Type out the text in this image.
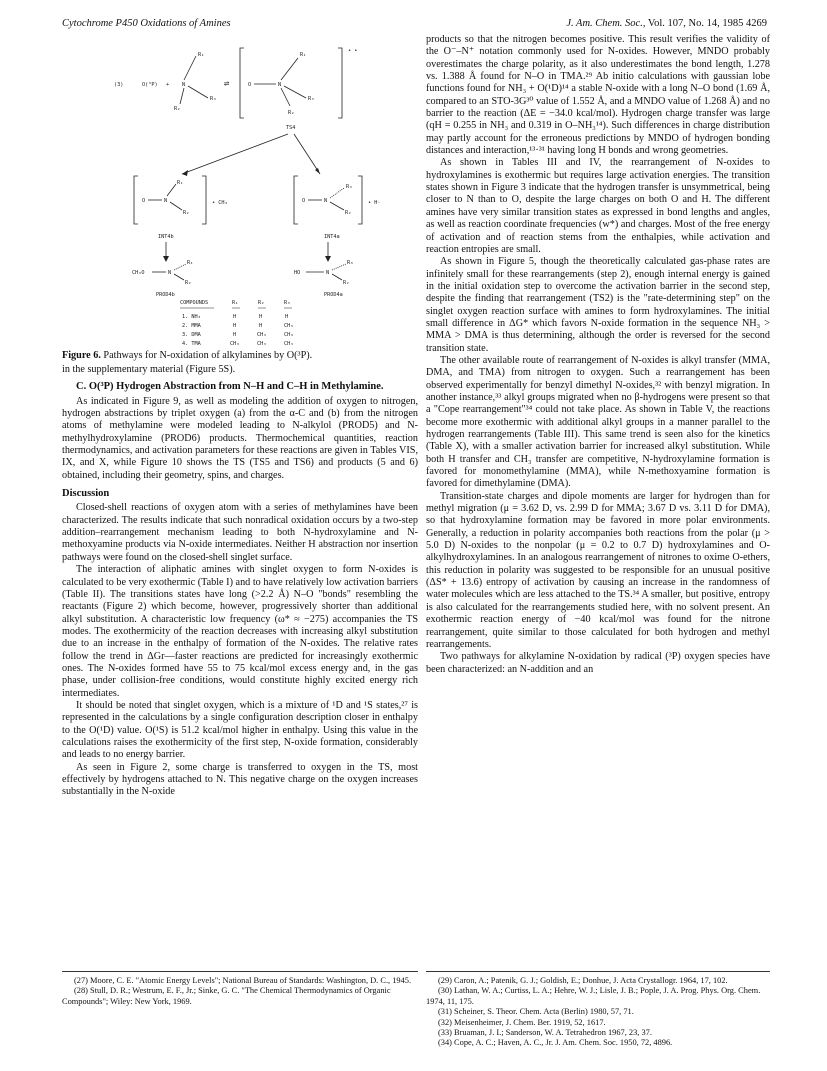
Cytochrome P450 Oxidations of Amines	J. Am. Chem. Soc., Vol. 107, No. 14, 1985 4269
(3)	O(³P) + N
R₁
R₃
R₂
⇌
• •
O	N
R₁
R₃
R₂
TS4
O	N
R₁
R₂
• CH₃
INT4b
O	N
R₃
R₂
• H·
INT4a
CH₃O	N
R₁
R₂
PROD4b
HO	N
R₃
R₂
PROD4a
COMPOUNDS	R₁	R₂	R₃
1. NH₃	H	H	H
2. MMA	H	H	CH₃
3. DMA	H	CH₃	CH₃
4. TMA	CH₃	CH₃	CH₃
Figure 6. Pathways for N-oxidation of alkylamines by O(³P).

in the supplementary material (Figure 5S).

C. O(³P) Hydrogen Abstraction from N–H and C–H in Methylamine.

As indicated in Figure 9, as well as modeling the addition of oxygen to nitrogen, hydrogen abstractions by triplet oxygen (a) from the α-C and (b) from the nitrogen atoms of methylamine were modeled leading to N-alkylol (PROD5) and N-methylhydroxylamine (PROD6) products. Thermochemical quantities, reaction thermodynamics, and activation parameters for these reactions are given in Tables VIS, IX, and X, while Figure 10 shows the TS (TS5 and TS6) and products (5 and 6) obtained, including their geometry, spins, and charges.

Discussion

Closed-shell reactions of oxygen atom with a series of methylamines have been characterized. The results indicate that such nonradical oxidation occurs by a two-step addition–rearrangement mechanism leading to both N-hydroxylamine and N-methoxyamine products via N-oxide intermediates. Neither H abstraction nor insertion pathways were found on the closed-shell singlet surface.

The interaction of aliphatic amines with singlet oxygen to form N-oxides is calculated to be very exothermic (Table I) and to have relatively low activation barriers (Table II). The transitions states have long (>2.2 Å) N–O "bonds" resembling the reactants (Figure 2) which become, however, progressively shorter than additional alkyl substitution. A characteristic low frequency (ω* ≈ −275) accompanies the TS modes. The exothermicity of the reaction decreases with increasing alkyl substitution due to an increase in the enthalpy of formation of the N-oxides. The relative rates follow the trend in ΔGr—faster reactions are predicted for increasingly exothermic ones. The N-oxides formed have 55 to 75 kcal/mol excess energy and, in the gas phase, under collision-free conditions, would constitute highly excited energy rich intermediates.

It should be noted that singlet oxygen, which is a mixture of ¹D and ¹S states,²⁷ is represented in the calculations by a single configuration description closer in enthalpy to the O(¹D) value. O(¹S) is 51.2 kcal/mol higher in enthalpy. Using this value in the calculations raises the exothermicity of the first step, N-oxide formation, considerably and leads to no energy barrier.

As seen in Figure 2, some charge is transferred to oxygen in the TS, most effectively by hydrogens attached to N. This negative charge on the oxygen increases substantially in the N-oxide

products so that the nitrogen becomes positive. This result verifies the validity of the O⁻–N⁺ notation commonly used for N-oxides. However, MNDO probably overestimates the charge polarity, as it also underestimates the bond length, 1.278 vs. 1.388 Å found for N–O in TMA.²⁹ Ab initio calculations with gaussian lobe functions found for NH₃ + O(¹D)¹⁴ a stable N-oxide with a long N–O bond (1.69 Å, compared to an STO-3G³⁰ value of 1.552 Å, and a MNDO value of 1.268 Å) and no barrier to the reaction (ΔE = −34.0 kcal/mol). Hydrogen charge transfer was large (qH = 0.255 in NH₃ and 0.319 in O–NH₃¹⁴). Such differences in charge distribution may partly account for the erroneous predictions by MNDO of hydrogen bonding distances and interaction,¹³·³¹ having long H bonds and wrong geometries.

As shown in Tables III and IV, the rearrangement of N-oxides to hydroxylamines is exothermic but requires large activation energies. The transition states shown in Figure 3 indicate that the hydrogen transfer is unsymmetrical, being closer to N than to O, despite the large charges on both O and H. The different amines have very similar transition states as expressed in bond lengths and angles, as well as reaction coordinate frequencies (w*) and charges. Most of the free energy of activation and of reaction stems from the enthalpies, while activation and reaction entropies are small.

As shown in Figure 5, though the theoretically calculated gas-phase rates are infinitely small for these rearrangements (step 2), enough internal energy is gained in the initial oxidation step to overcome the activation barrier in the second step, despite the finding that rearrangement (TS2) is the "rate-determining step" on the singlet oxygen reaction surface with amines to form hydroxylamines. The initial small difference in ΔG* which favors N-oxide formation in the sequence NH₃ > MMA > DMA is thus determining, although the order is reversed for the second transition state.

The other available route of rearrangement of N-oxides is alkyl transfer (MMA, DMA, and TMA) from nitrogen to oxygen. Such a rearrangement has been observed experimentally for benzyl dimethyl N-oxides,³² with benzyl migration. In another instance,³³ alkyl groups migrated when no β-hydrogens were present so that a "Cope rearrangement"³⁴ could not take place. As shown in Table V, the reactions become more exothermic with additional alkyl groups in a manner parallel to the hydrogen rearrangements (Table III). This same trend is seen also for the kinetics (Table X), with a smaller activation barrier for increased alkyl substitution. While both H transfer and CH₃ transfer are competitive, N-hydroxylamine formation is favored for monomethylamine (MMA), while N-methoxyamine formation is favored for dimethylamine (DMA).

Transition-state charges and dipole moments are larger for hydrogen than for methyl migration (μ = 3.62 D, vs. 2.99 D for MMA; 3.67 D vs. 3.11 D for DMA), so that hydroxylamine formation may be favored in more polar environments. Generally, a reduction in polarity accompanies both reactions from the polar (μ > 5.0 D) N-oxides to the nonpolar (μ = 0.2 to 0.7 D) hydroxylamines and O-alkylhydroxylamines. In an analogous rearrangement of nitrones to oxime O-ethers, this reduction in polarity was suggested to be responsible for an unusual positive (ΔS* + 13.6) entropy of activation by causing an increase in the randomness of water molecules which are less attached to the TS.³⁴ A smaller, but positive, entropy is also calculated for the rearrangements studied here, with no solvent present. An exothermic reaction energy of −40 kcal/mol was found for the nitrone rearrangement, quite similar to those calculated for both hydrogen and methyl rearrangements.

Two pathways for alkylamine N-oxidation by radical (³P) oxygen species have been characterized: an N-addition and an

(27) Moore, C. E. "Atomic Energy Levels"; National Bureau of Standards: Washington, D. C., 1945.
(28) Stull, D. R.; Westrum, E. F., Jr.; Sinke, G. C. "The Chemical Thermodynamics of Organic Compounds"; Wiley: New York, 1969.
(29) Caron, A.; Patenik, G. J.; Goldish, E.; Donhue, J. Acta Crystallogr. 1964, 17, 102.
(30) Lathan, W. A.; Curtiss, L. A.; Hehre, W. J.; Lisle, J. B.; Pople, J. A. Prog. Phys. Org. Chem. 1974, 11, 175.
(31) Scheiner, S. Theor. Chem. Acta (Berlin) 1980, 57, 71.
(32) Meisenheimer, J. Chem. Ber. 1919, 52, 1617.
(33) Bruaman, J. I.; Sanderson, W. A. Tetrahedron 1967, 23, 37.
(34) Cope, A. C.; Haven, A. C., Jr. J. Am. Chem. Soc. 1950, 72, 4896.
